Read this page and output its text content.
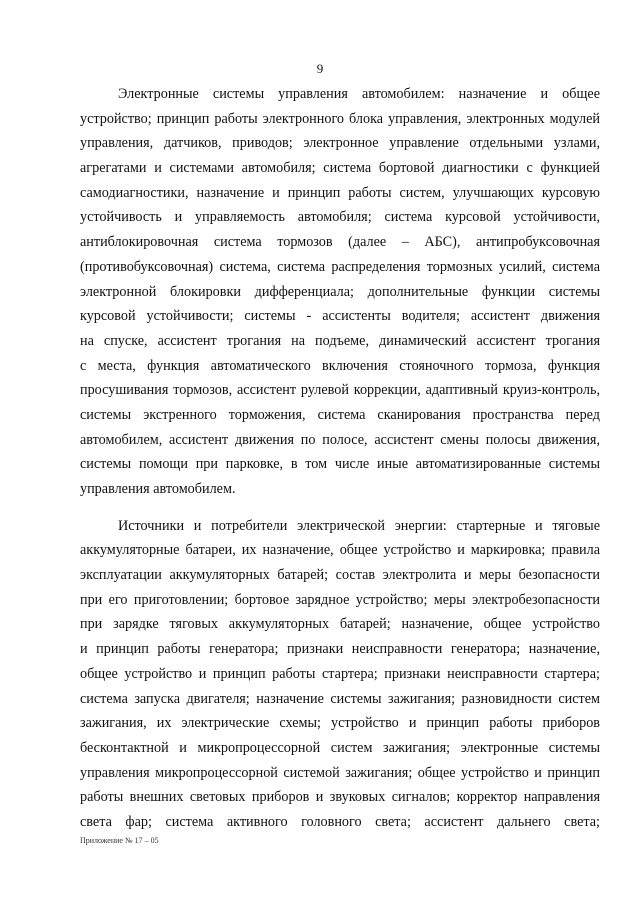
9
Электронные системы управления автомобилем: назначение и общее
устройство; принцип работы электронного блока управления, электронных модулей
управления, датчиков, приводов; электронное управление отдельными узлами,
агрегатами и системами автомобиля; система бортовой диагностики с функцией
самодиагностики, назначение и принцип работы систем, улучшающих курсовую
устойчивость и управляемость автомобиля; система курсовой устойчивости,
антиблокировочная система тормозов (далее – АБС), антипробуксовочная
(противобуксовочная) система, система распределения тормозных усилий, система
электронной блокировки дифференциала; дополнительные функции системы
курсовой устойчивости; системы - ассистенты водителя; ассистент движения
на спуске, ассистент трогания на подъеме, динамический ассистент трогания
с места, функция автоматического включения стояночного тормоза, функция
просушивания тормозов, ассистент рулевой коррекции, адаптивный круиз-контроль,
системы экстренного торможения, система сканирования пространства перед
автомобилем, ассистент движения по полосе, ассистент смены полосы движения,
системы помощи при парковке, в том числе иные автоматизированные системы
управления автомобилем.
Источники и потребители электрической энергии: стартерные и тяговые
аккумуляторные батареи, их назначение, общее устройство и маркировка; правила
эксплуатации аккумуляторных батарей; состав электролита и меры безопасности
при его приготовлении; бортовое зарядное устройство; меры электробезопасности
при зарядке тяговых аккумуляторных батарей; назначение, общее устройство
и принцип работы генератора; признаки неисправности генератора; назначение,
общее устройство и принцип работы стартера; признаки неисправности стартера;
система запуска двигателя; назначение системы зажигания; разновидности систем
зажигания, их электрические схемы; устройство и принцип работы приборов
бесконтактной и микропроцессорной систем зажигания; электронные системы
управления микропроцессорной системой зажигания; общее устройство и принцип
работы внешних световых приборов и звуковых сигналов; корректор направления
света фар; система активного головного света; ассистент дальнего света;
Приложение № 17 – 05
